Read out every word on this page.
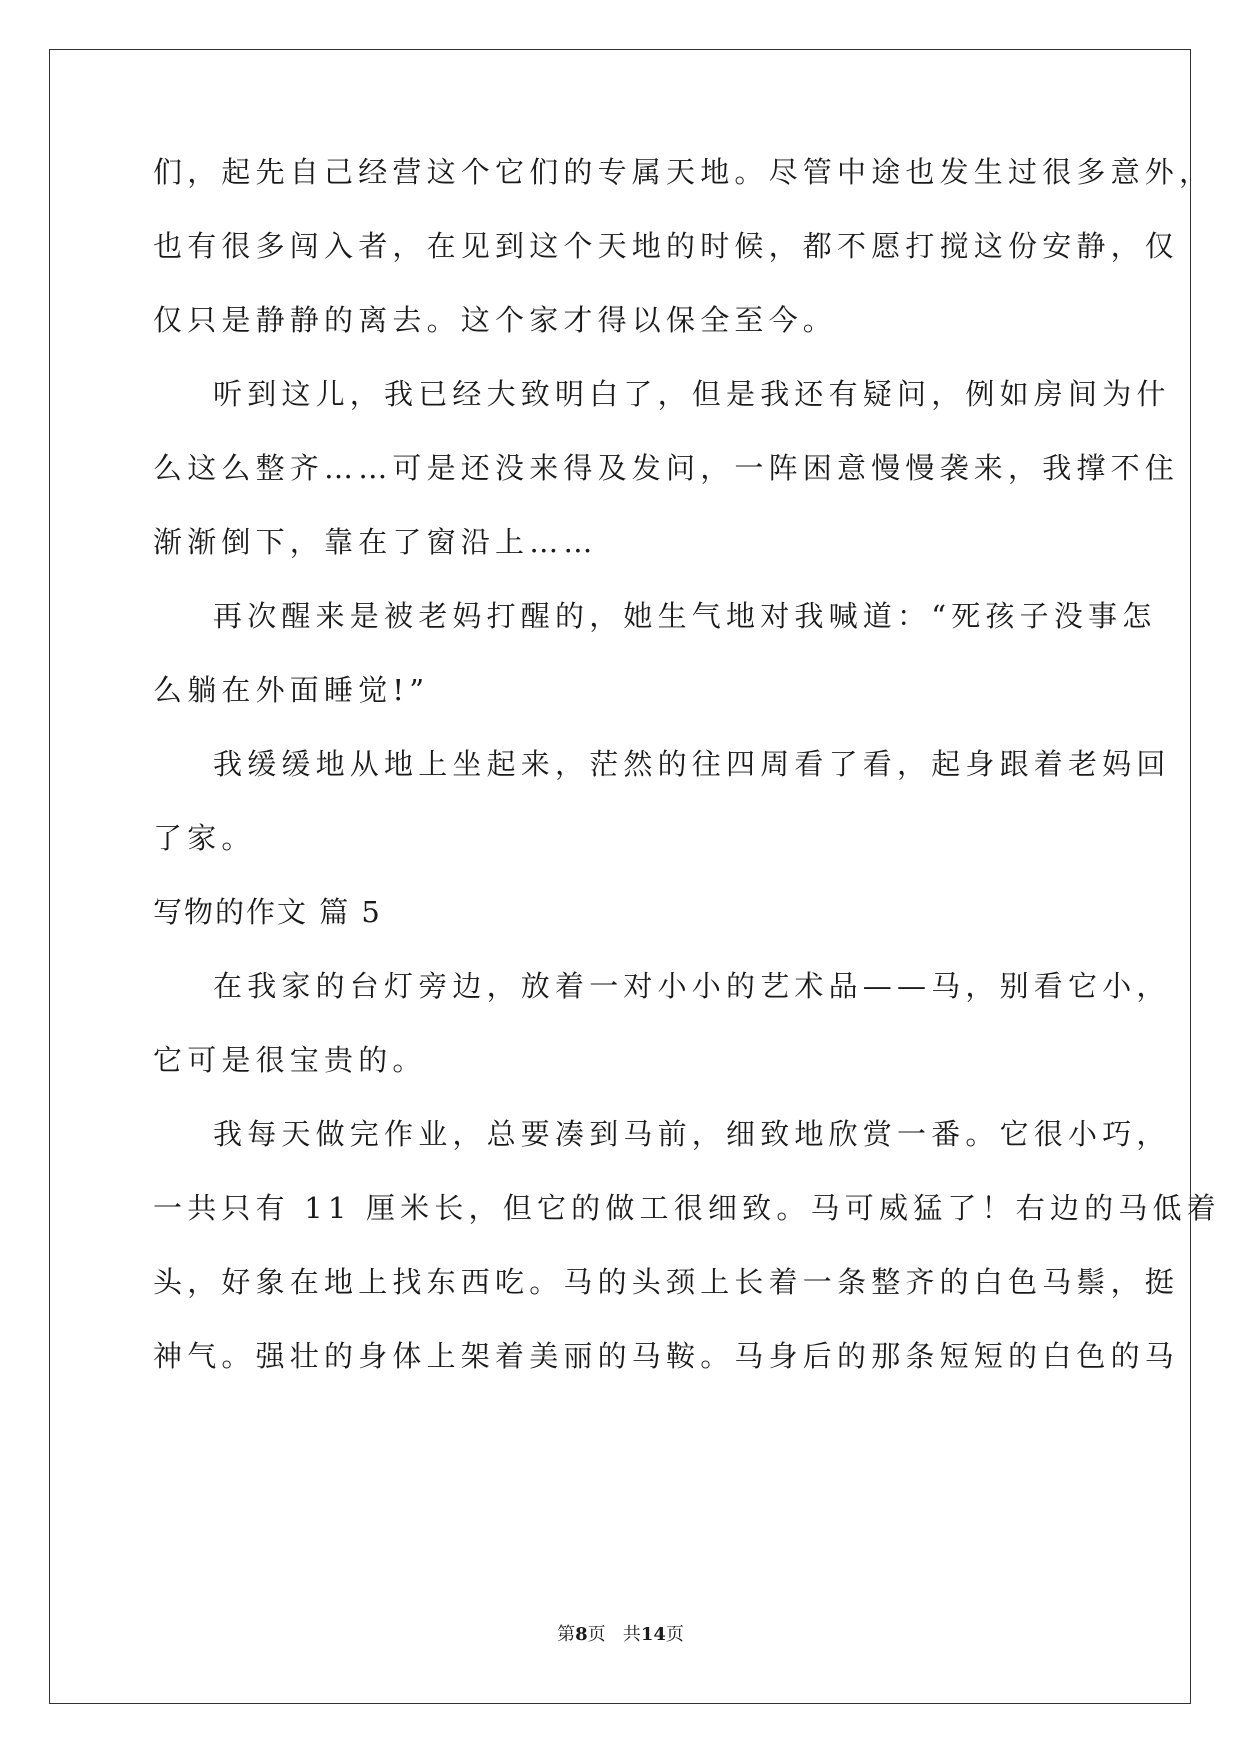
们，起先自己经营这个它们的专属天地。尽管中途也发生过很多意外，
也有很多闯入者，在见到这个天地的时候，都不愿打搅这份安静，仅
仅只是静静的离去。这个家才得以保全至今。
听到这儿，我已经大致明白了，但是我还有疑问，例如房间为什
么这么整齐……可是还没来得及发问，一阵困意慢慢袭来，我撑不住
渐渐倒下，靠在了窗沿上……
再次醒来是被老妈打醒的，她生气地对我喊道：“死孩子没事怎
么躺在外面睡觉!”
我缓缓地从地上坐起来，茫然的往四周看了看，起身跟着老妈回
了家。
写物的作文 篇 5
在我家的台灯旁边，放着一对小小的艺术品——马，别看它小，
它可是很宝贵的。
我每天做完作业，总要凑到马前，细致地欣赏一番。它很小巧，
一共只有 11 厘米长，但它的做工很细致。马可威猛了！右边的马低着
头，好象在地上找东西吃。马的头颈上长着一条整齐的白色马鬃，挺
神气。强壮的身体上架着美丽的马鞍。马身后的那条短短的白色的马
第8页 共14页
